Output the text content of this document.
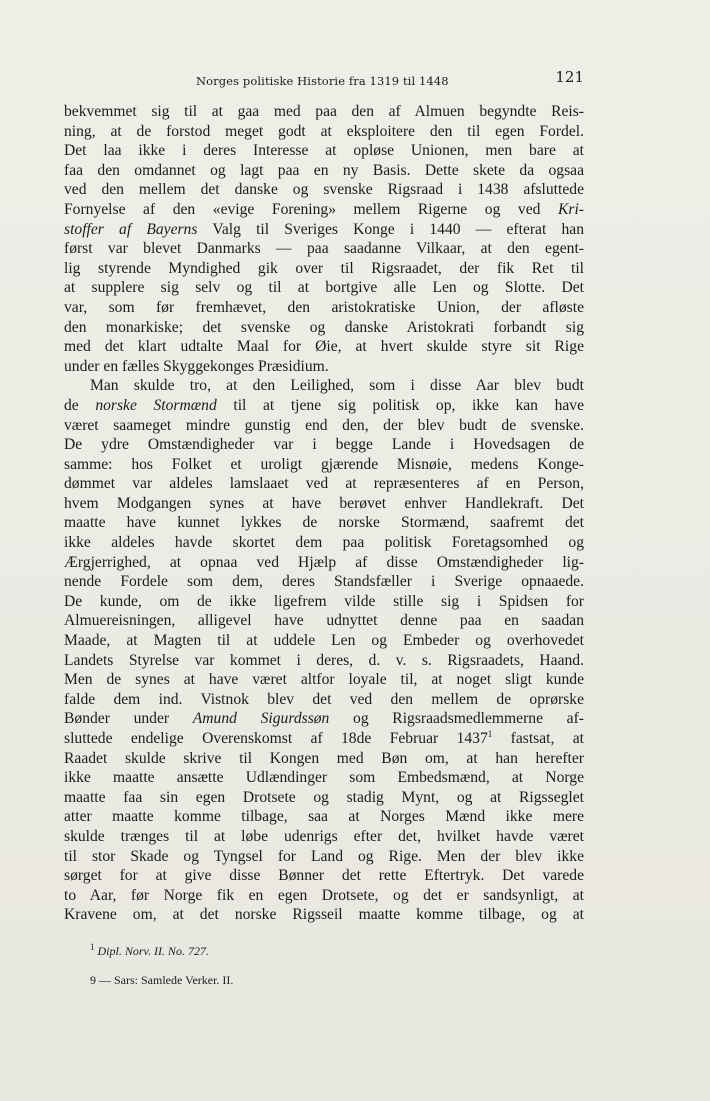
Norges politiske Historie fra 1319 til 1448	121
bekvemmet sig til at gaa med paa den af Almuen begyndte Reis-
ning, at de forstod meget godt at eksploitere den til egen Fordel.
Det laa ikke i deres Interesse at opløse Unionen, men bare at
faa den omdannet og lagt paa en ny Basis. Dette skete da ogsaa
ved den mellem det danske og svenske Rigsraad i 1438 afsluttede
Fornyelse af den «evige Forening» mellem Rigerne og ved Kri-
stoffer af Bayerns Valg til Sveriges Konge i 1440 — efterat han
først var blevet Danmarks — paa saadanne Vilkaar, at den egent-
lig styrende Myndighed gik over til Rigsraadet, der fik Ret til
at supplere sig selv og til at bortgive alle Len og Slotte. Det
var, som før fremhævet, den aristokratiske Union, der afløste
den monarkiske; det svenske og danske Aristokrati forbandt sig
med det klart udtalte Maal for Øie, at hvert skulde styre sit Rige
under en fælles Skyggekonges Præsidium.
Man skulde tro, at den Leilighed, som i disse Aar blev budt
de norske Stormænd til at tjene sig politisk op, ikke kan have
været saameget mindre gunstig end den, der blev budt de svenske.
De ydre Omstændigheder var i begge Lande i Hovedsagen de
samme: hos Folket et uroligt gjærende Misnøie, medens Konge-
dømmet var aldeles lamslaaet ved at repræsenteres af en Person,
hvem Modgangen synes at have berøvet enhver Handlekraft. Det
maatte have kunnet lykkes de norske Stormænd, saafremt det
ikke aldeles havde skortet dem paa politisk Foretagsomhed og
Ærgjerrighed, at opnaa ved Hjælp af disse Omstændigheder lig-
nende Fordele som dem, deres Standsfæller i Sverige opnaaede.
De kunde, om de ikke ligefrem vilde stille sig i Spidsen for
Almuereisningen, alligevel have udnyttet denne paa en saadan
Maade, at Magten til at uddele Len og Embeder og overhovedet
Landets Styrelse var kommet i deres, d. v. s. Rigsraadets, Haand.
Men de synes at have været altfor loyale til, at noget sligt kunde
falde dem ind. Vistnok blev det ved den mellem de oprørske
Bønder under Amund Sigurdssøn og Rigsraadsmedlemmerne af-
sluttede endelige Overenskomst af 18de Februar 1437$^1$ fastsat, at
Raadet skulde skrive til Kongen med Bøn om, at han herefter
ikke maatte ansætte Udlændinger som Embedsmænd, at Norge
maatte faa sin egen Drotsete og stadig Mynt, og at Rigsseglet
atter maatte komme tilbage, saa at Norges Mænd ikke mere
skulde trænges til at løbe udenrigs efter det, hvilket havde været
til stor Skade og Tyngsel for Land og Rige. Men der blev ikke
sørget for at give disse Bønner det rette Eftertryk. Det varede
to Aar, før Norge fik en egen Drotsete, og det er sandsynligt, at
Kravene om, at det norske Rigsseil maatte komme tilbage, og at
$^1$ Dipl. Norv. II. No. 727.
9 — Sars: Samlede Verker. II.
